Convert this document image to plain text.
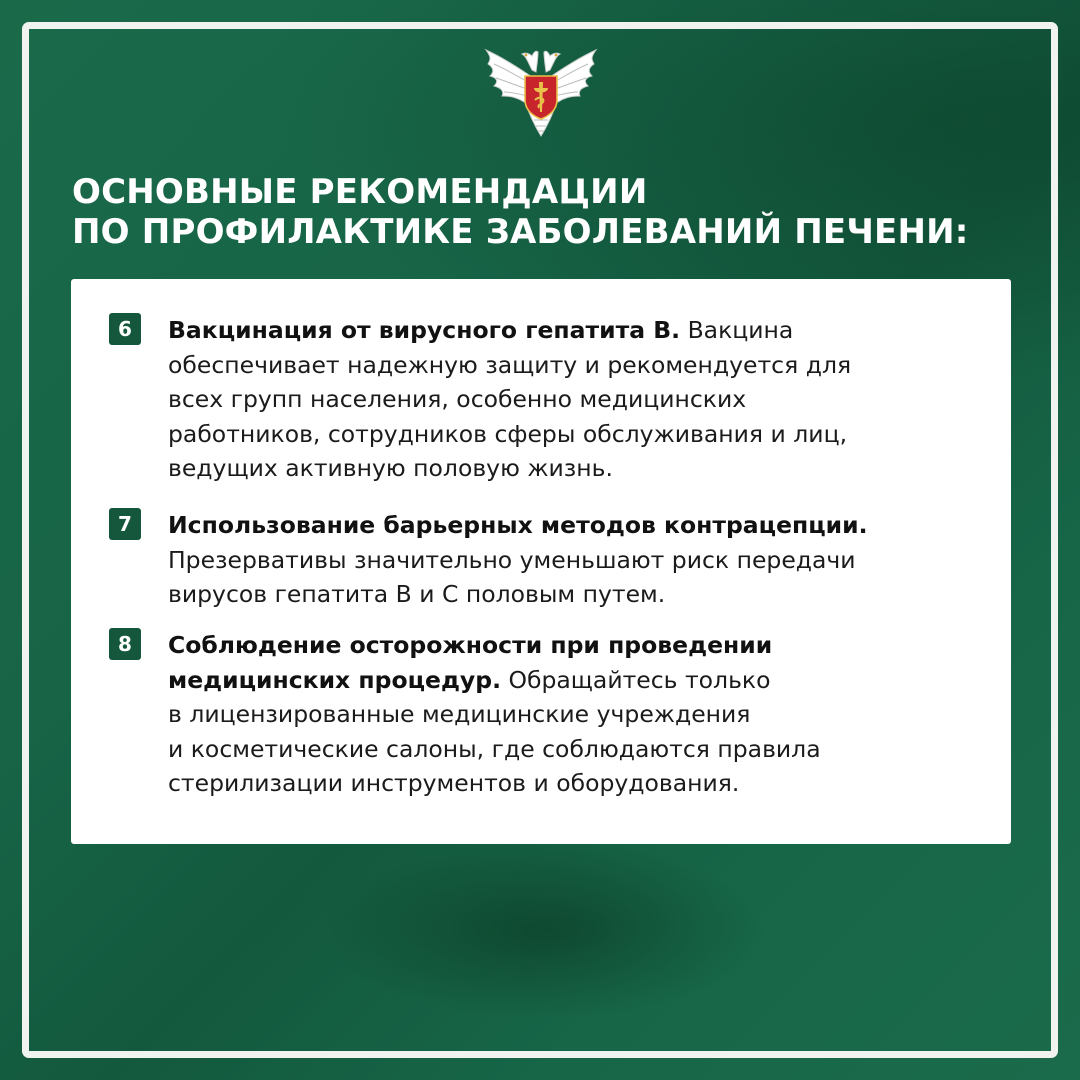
ОСНОВНЫЕ РЕКОМЕНДАЦИИ
ПО ПРОФИЛАКТИКЕ ЗАБОЛЕВАНИЙ ПЕЧЕНИ:
6	Вакцинация от вирусного гепатита B. Вакцина
обеспечивает надежную защиту и рекомендуется для
всех групп населения, особенно медицинских
работников, сотрудников сферы обслуживания и лиц,
ведущих активную половую жизнь.

7	Использование барьерных методов контрацепции.
Презервативы значительно уменьшают риск передачи
вирусов гепатита B и C половым путем.

8	Соблюдение осторожности при проведении
медицинских процедур. Обращайтесь только
в лицензированные медицинские учреждения
и косметические салоны, где соблюдаются правила
стерилизации инструментов и оборудования.
